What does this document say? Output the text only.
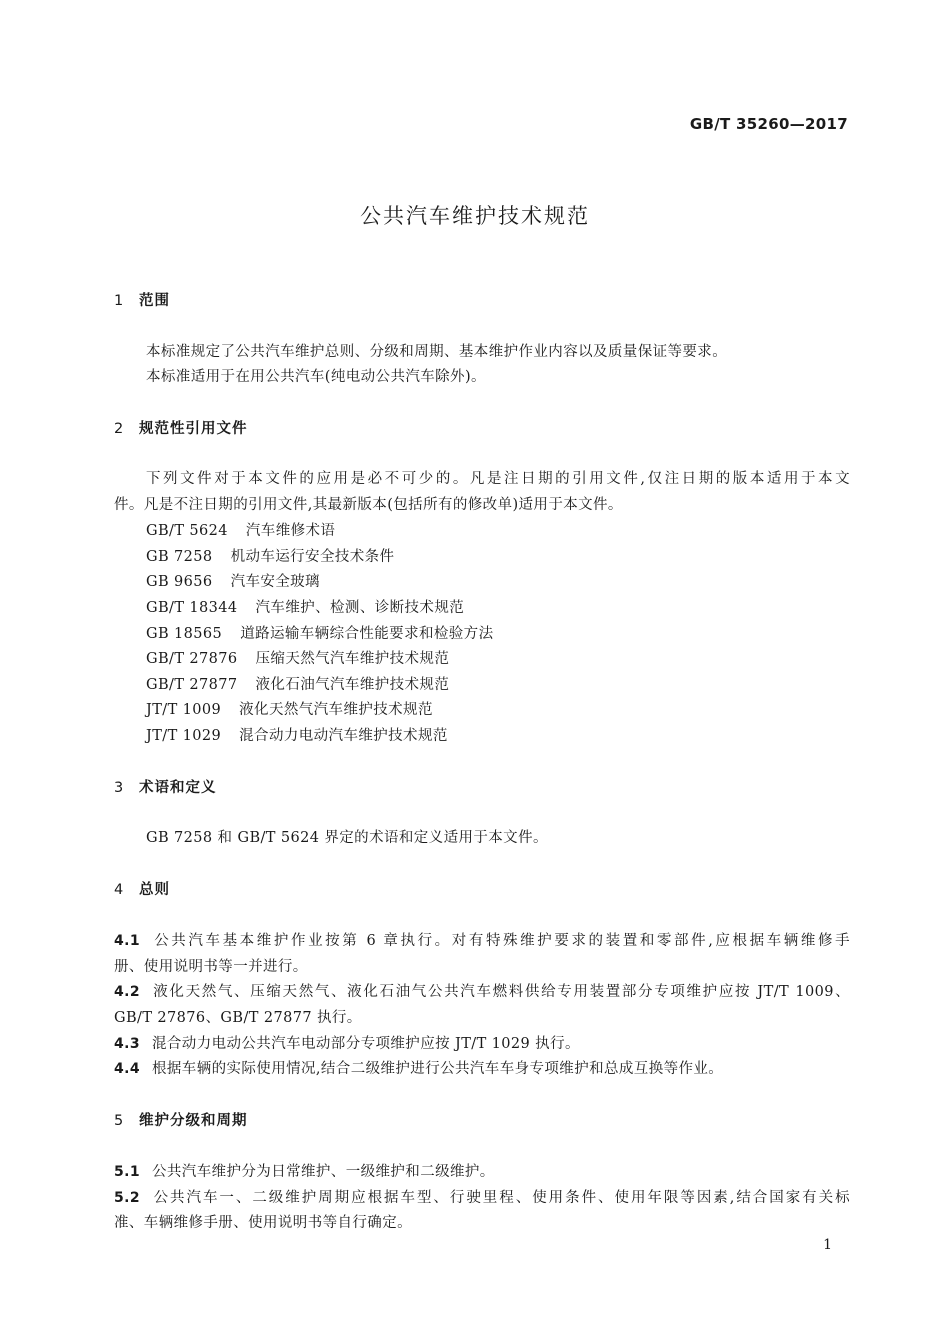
GB/T 35260—2017
公共汽车维护技术规范
1 范围
本标准规定了公共汽车维护总则、分级和周期、基本维护作业内容以及质量保证等要求。
本标准适用于在用公共汽车(纯电动公共汽车除外)。
2 规范性引用文件
下列文件对于本文件的应用是必不可少的。凡是注日期的引用文件,仅注日期的版本适用于本文
件。凡是不注日期的引用文件,其最新版本(包括所有的修改单)适用于本文件。
GB/T 5624 汽车维修术语
GB 7258 机动车运行安全技术条件
GB 9656 汽车安全玻璃
GB/T 18344 汽车维护、检测、诊断技术规范
GB 18565 道路运输车辆综合性能要求和检验方法
GB/T 27876 压缩天然气汽车维护技术规范
GB/T 27877 液化石油气汽车维护技术规范
JT/T 1009 液化天然气汽车维护技术规范
JT/T 1029 混合动力电动汽车维护技术规范
3 术语和定义
GB 7258 和 GB/T 5624 界定的术语和定义适用于本文件。
4 总则
4.1 公共汽车基本维护作业按第 6 章执行。对有特殊维护要求的装置和零部件,应根据车辆维修手
册、使用说明书等一并进行。
4.2 液化天然气、压缩天然气、液化石油气公共汽车燃料供给专用装置部分专项维护应按 JT/T 1009、
GB/T 27876、GB/T 27877 执行。
4.3 混合动力电动公共汽车电动部分专项维护应按 JT/T 1029 执行。
4.4 根据车辆的实际使用情况,结合二级维护进行公共汽车车身专项维护和总成互换等作业。
5 维护分级和周期
5.1 公共汽车维护分为日常维护、一级维护和二级维护。
5.2 公共汽车一、二级维护周期应根据车型、行驶里程、使用条件、使用年限等因素,结合国家有关标
准、车辆维修手册、使用说明书等自行确定。
1
